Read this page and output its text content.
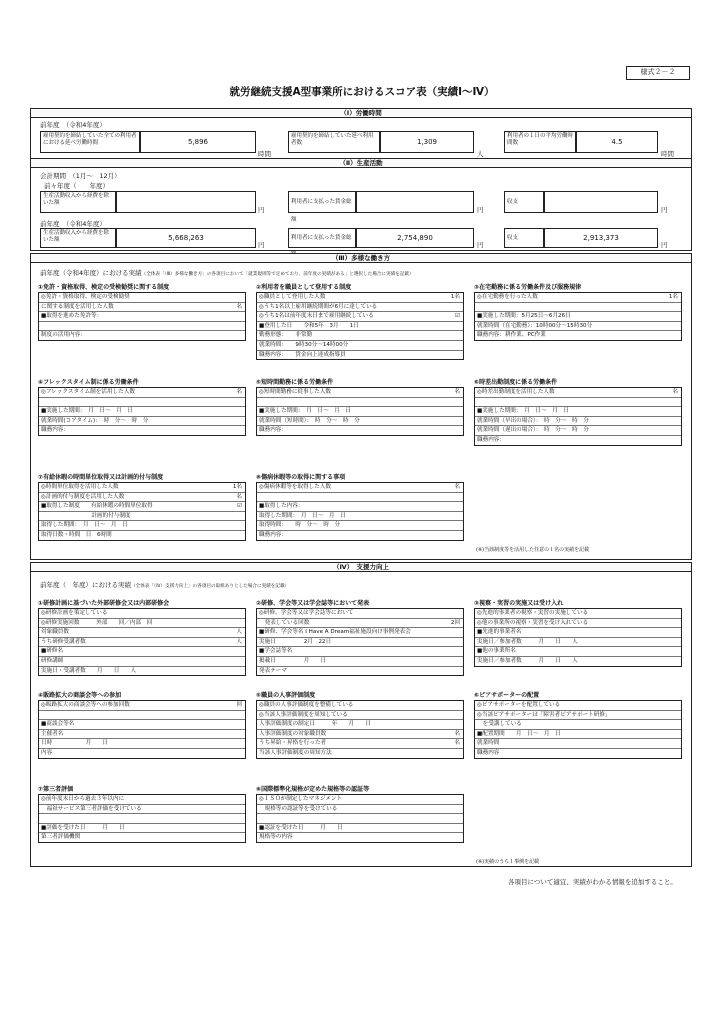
様式２－２
就労継続支援A型事業所におけるスコア表（実績Ⅰ～Ⅳ）
（Ⅰ）労働時間
前年度　（令和4年度）
雇用契約を締結していた全ての利用者における延べ労働時間	5,896
時間
雇用契約を締結していた延べ利用者数	1,309
人
利用者の１日の平均労働時間数	4.5
時間
（Ⅱ）生産活動
会計期間　（1月～　12月）
前々年度（　　年度）
生産活動収入から経費を除いた額
円
利用者に支払った賃金総額
円
収支
円
前年度　（令和4年度）
生産活動収入から経費を除いた額	5,668,263
円
利用者に支払った賃金総	2,754,890
円
収支	2,913,373
円
（Ⅲ）多様な働き方
前年度（令和4年度）における実績（全体表「（Ⅲ）多様な働き方」の各項目において「就業規則等で定めており、前年度の実績がある」と選択した場合に実績を記載）
①免許・資格取得、検定の受検勧奨に関する制度
◎免許・資格取得、検定の受検勧奨
に関する制度を活用した人数	名
■取得を進めた免許等：
制度の活用内容：
②利用者を職員として登用する制度
◎職員として登用した人数	1名
◎うち1名以上雇用継続期間が6月に達している
◎うち1名は前年度末日まで雇用継続している	☑
■登用した日　　令和5年　3月　　1日
勤務形態：　　非常勤
就業時間：　　9時30分～14時00分
職務内容：　　賃金向上達成指導員
③在宅勤務に係る労働条件及び服務規律
◎在宅勤務を行った人数	1名
■実施した期間：5月25日～6月26日
就業時間（在宅勤務）：10時00分～15時30分
職務内容：耕作業、PC作業
④フレックスタイム制に係る労働条件
◎フレックスタイム制を活用した人数	名
■実施した期間：　月　日～　月　日
就業時間(コアタイム)：　時　分～　時　分
職務内容：
⑤短時間勤務に係る労働条件
◎短時間勤務に従事した人数	名
■実施した期間：　月　日～　月　日
就業時間（短時間）：　時　分～　時　分
職務内容：
⑥時差出勤制度に係る労働条件
◎時差出勤制度を活用した人数	名
■実施した期間：　月　日～　月　日
就業時間（早出の場合）：　時　分～　時　分
就業時間（遅出の場合）：　時　分～　時　分
職務内容：
⑦有給休暇の時間単位取得又は計画的付与制度
◎時間単位取得を活用した人数	1名
◎計画的付与制度を活用した人数	名
■取得した制度　　有給休暇の時間単位取得	☑
　　　　　　　　　計画的付与制度
取得した期間：　月　日～　月　日
取得日数・時間　日　6時間
⑧傷病休暇等の取得に関する事項
◎傷病休暇等を取得した人数	名
■取得した内容：
取得した期間：　月　日～　月　日
取得時間：　　時　分～　時　分
職務内容：
(※)当該制度等を活用した任意の１名の実績を記載
（Ⅳ）　支援力向上
前年度（　年度）における実績（全体表「（Ⅳ）支援力向上」の各項目の取組ありとした場合に実績を記載）
①研修計画に基づいた外部研修会又は内部研修会
◎研修計画を策定している
◎研修実施回数　　　外部　　回／内部　回
対象職員数	人
うち研修受講者数	人
■研修名
研修講師
実施日・受講者数　　月　　日　　人
②研修、学会等又は学会誌等において発表
◎研修、学会等又は学会誌等において
　発表している回数	2回
■研修、学会等名 I Have A Dream福祉施設向け事例発表会
実施日　　　　　2月　22日
■学会誌等名
掲載日　　　　　月　　日
発表テーマ
③視察・実習の実施又は受け入れ
◎先進的事業者の視察・実習の実施している
◎他の事業所の視察・実習を受け入れている
■先進的事業者名
実施日／参加者数　　　月　　日　　人
■他の事業所名
実施日／参加者数　　　月　　日　　人
④販路拡大の商談会等への参加
◎販路拡大の商談会等への参加回数	回
■商談会等名
主催者名
日時　　　　　　月　　日
内容
⑤職員の人事評価制度
◎職員の人事評価制度を整備している
◎当該人事評価制度を周知している
人事評価制度の制定日　　　年　　月　　日
人事評価制度の対象職員数	名
うち昇給・昇格を行った者	名
当該人事評価制度の周知方法
⑥ピアサポーターの配置
◎ピアサポーターを配置している
◎当該ピアサポーターは「障害者ピアサポート研修」
　を受講している
■配置期間　　月　日～　月　日
就業時間
職務内容
⑦第三者評価
◎前年度末日から過去３年以内に
　福祉サービス第三者評価を受けている
■評価を受けた日　　　月　　日
第三者評価機関
⑧国際標準化規格が定めた規格等の認証等
◎ＩＳＯが制定したマネジメント
　規格等の認証等を受けている
■認証を受けた日　　　月　　日
規格等の内容
(※)実績のうち１事例を記載
各項目について適宜、実績がわかる情報を追加すること。
